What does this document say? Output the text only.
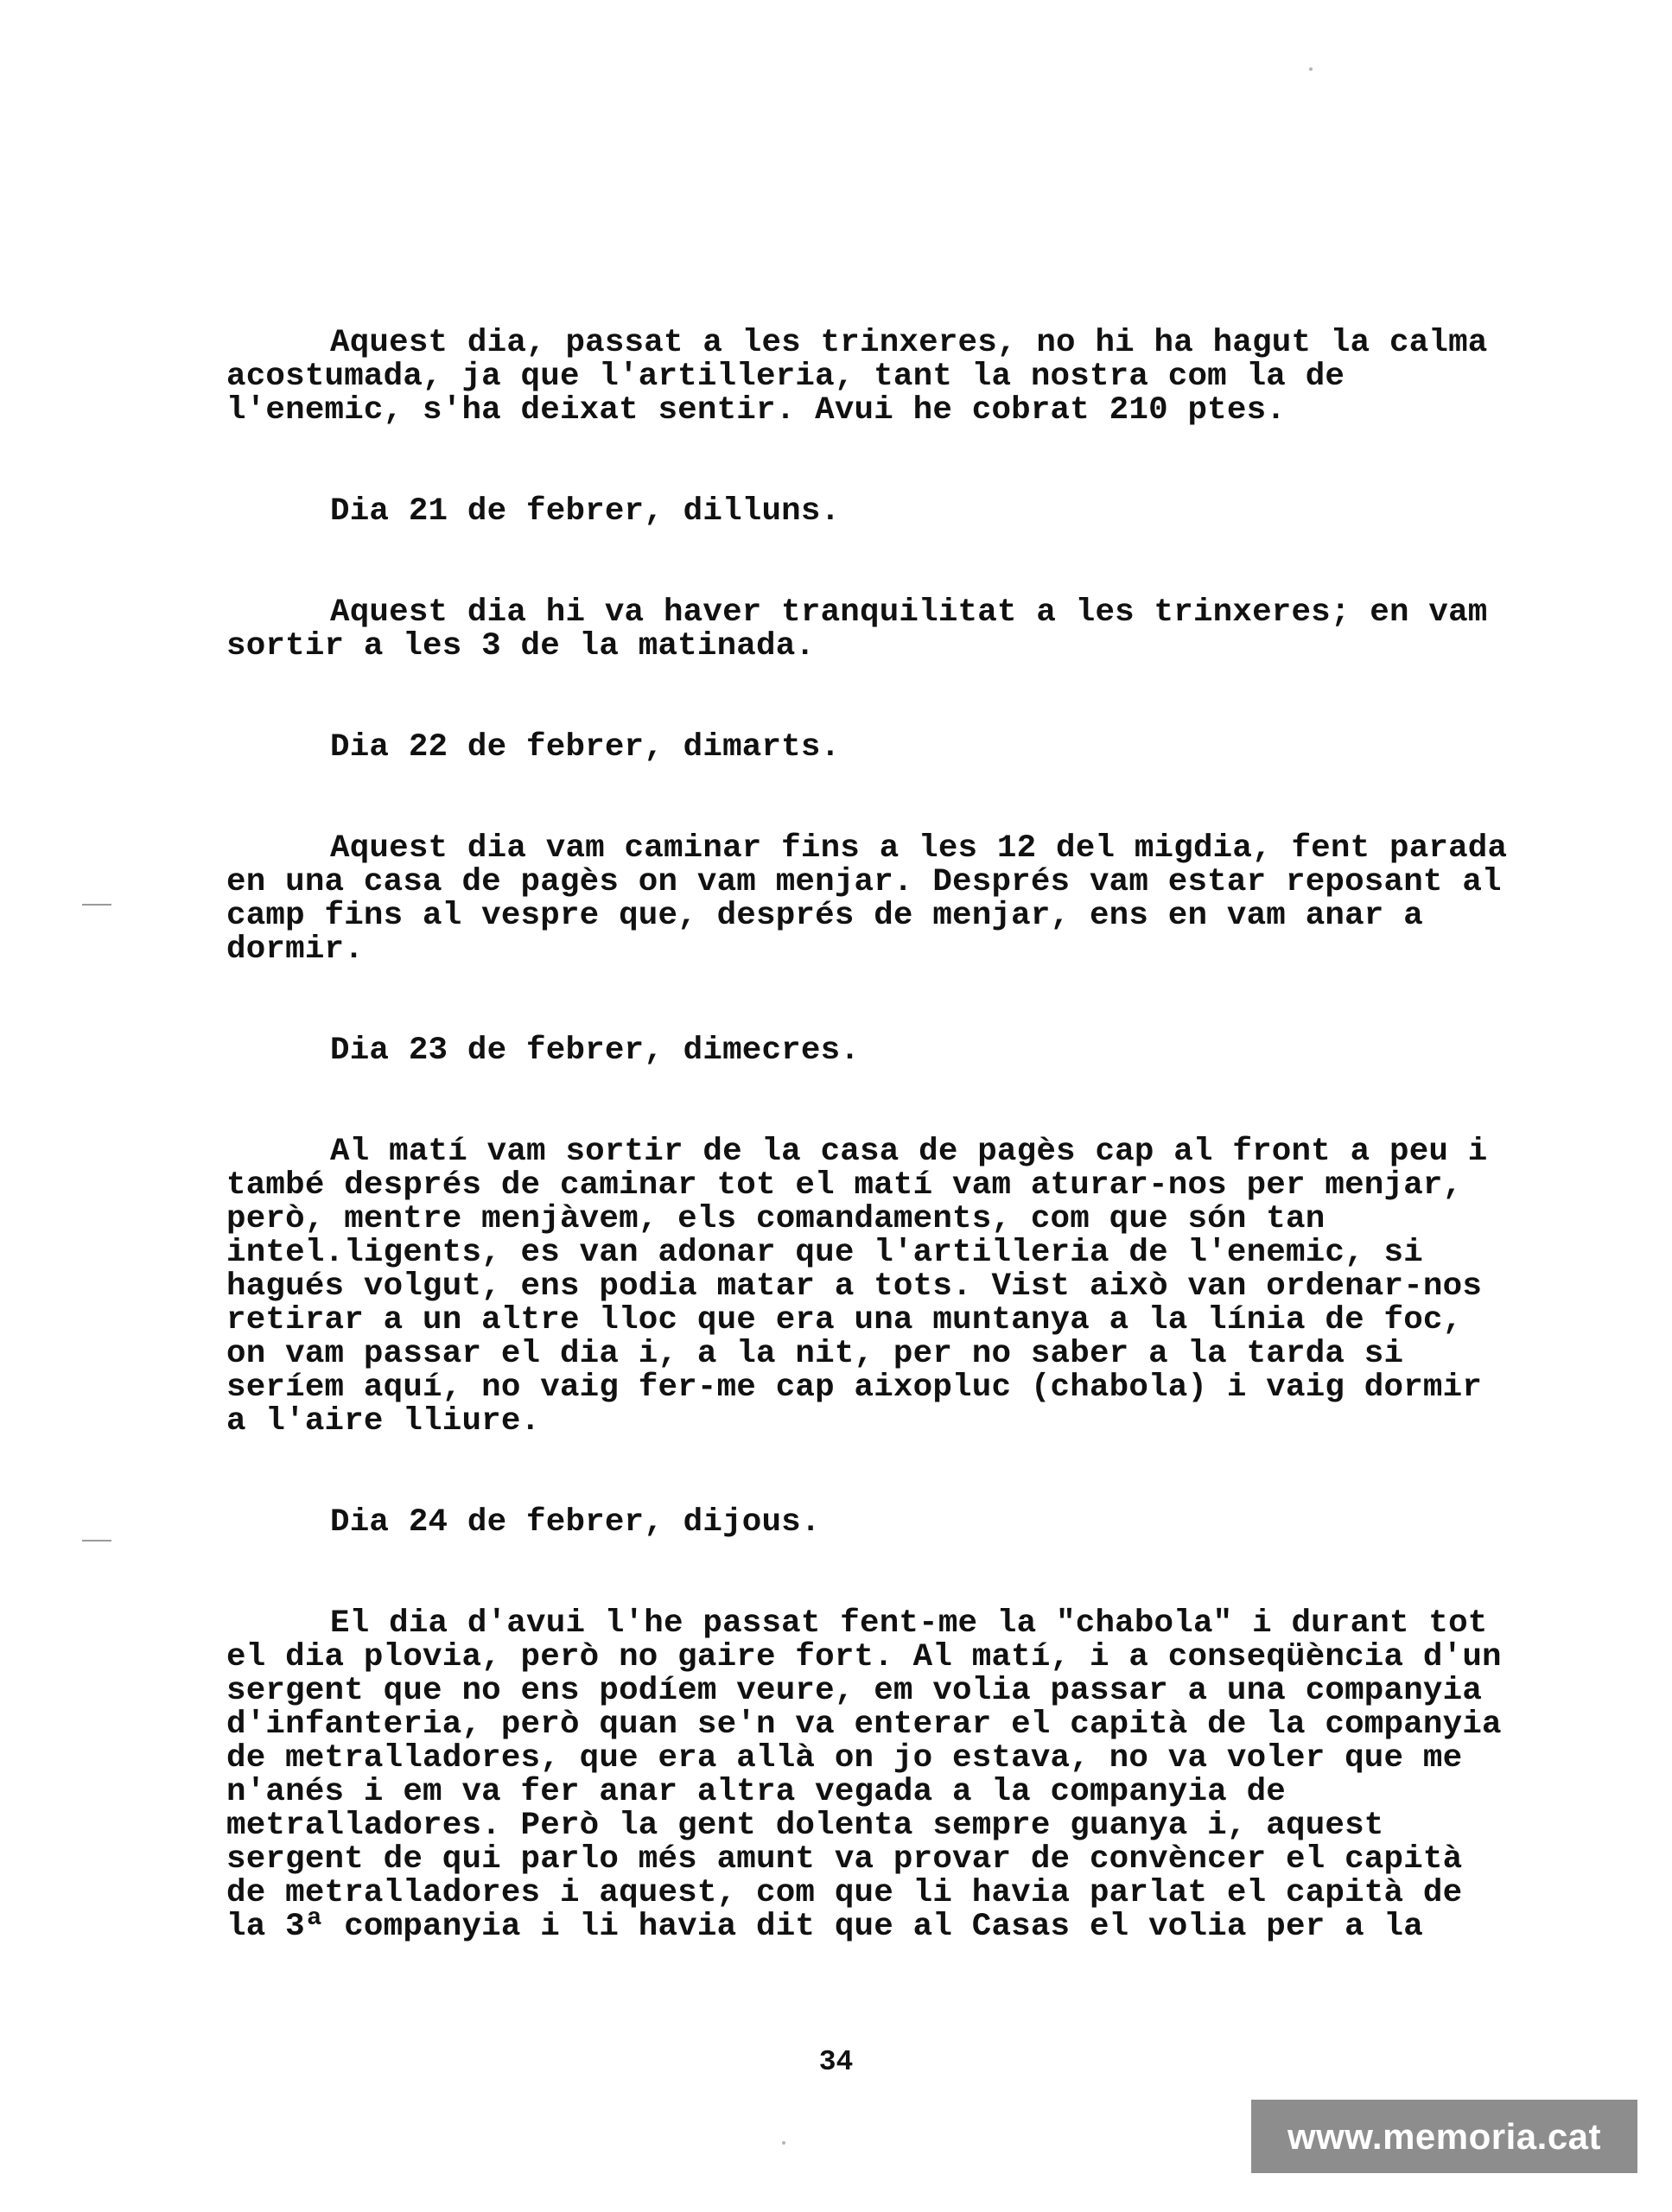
Aquest dia, passat a les trinxeres, no hi ha hagut la calma
acostumada, ja que l'artilleria, tant la nostra com la de
l'enemic, s'ha deixat sentir. Avui he cobrat 210 ptes.

Dia 21 de febrer, dilluns.

Aquest dia hi va haver tranquilitat a les trinxeres; en vam
sortir a les 3 de la matinada.

Dia 22 de febrer, dimarts.

Aquest dia vam caminar fins a les 12 del migdia, fent parada
en una casa de pagès on vam menjar. Després vam estar reposant al
camp fins al vespre que, després de menjar, ens en vam anar a
dormir.

Dia 23 de febrer, dimecres.

Al matí vam sortir de la casa de pagès cap al front a peu i
també després de caminar tot el matí vam aturar-nos per menjar,
però, mentre menjàvem, els comandaments, com que són tan
intel.ligents, es van adonar que l'artilleria de l'enemic, si
hagués volgut, ens podia matar a tots. Vist això van ordenar-nos
retirar a un altre lloc que era una muntanya a la línia de foc,
on vam passar el dia i, a la nit, per no saber a la tarda si
seríem aquí, no vaig fer-me cap aixopluc (chabola) i vaig dormir
a l'aire lliure.

Dia 24 de febrer, dijous.

El dia d'avui l'he passat fent-me la "chabola" i durant tot
el dia plovia, però no gaire fort. Al matí, i a conseqüència d'un
sergent que no ens podíem veure, em volia passar a una companyia
d'infanteria, però quan se'n va enterar el capità de la companyia
de metralladores, que era allà on jo estava, no va voler que me
n'anés i em va fer anar altra vegada a la companyia de
metralladores. Però la gent dolenta sempre guanya i, aquest
sergent de qui parlo més amunt va provar de convèncer el capità
de metralladores i aquest, com que li havia parlat el capità de
la 3ª companyia i li havia dit que al Casas el volia per a la

34
www.memoria.cat
